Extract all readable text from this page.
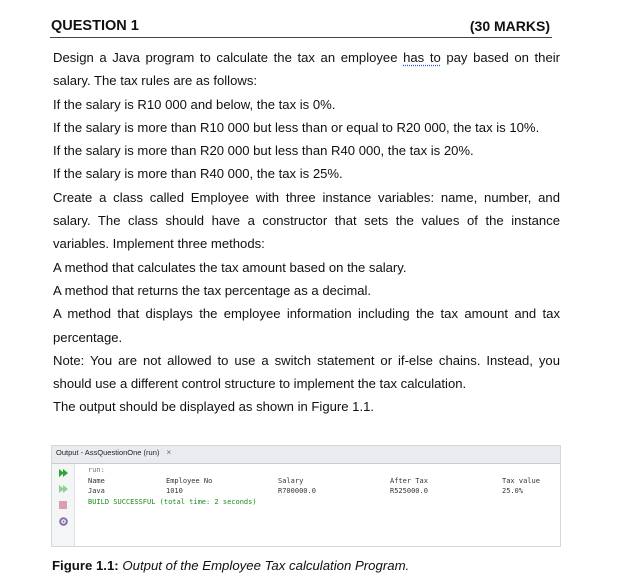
QUESTION 1	(30 MARKS)

Design a Java program to calculate the tax an employee has to pay based on their

salary. The tax rules are as follows:

If the salary is R10 000 and below, the tax is 0%.

If the salary is more than R10 000 but less than or equal to R20 000, the tax is 10%.

If the salary is more than R20 000 but less than R40 000, the tax is 20%.

If the salary is more than R40 000, the tax is 25%.

Create a class called Employee with three instance variables: name, number, and

salary. The class should have a constructor that sets the values of the instance

variables. Implement three methods:

A method that calculates the tax amount based on the salary.

A method that returns the tax percentage as a decimal.

A method that displays the employee information including the tax amount and tax

percentage.

Note: You are not allowed to use a switch statement or if-else chains. Instead, you

should use a different control structure to implement the tax calculation.

The output should be displayed as shown in Figure 1.1.

Output - AssQuestionOne (run) ×
run:
Name	Employee No	Salary	After Tax	Tax value
Java	1010	R700000.0	R525000.0	25.0%
BUILD SUCCESSFUL (total time: 2 seconds)
Figure 1.1: Output of the Employee Tax calculation Program.
